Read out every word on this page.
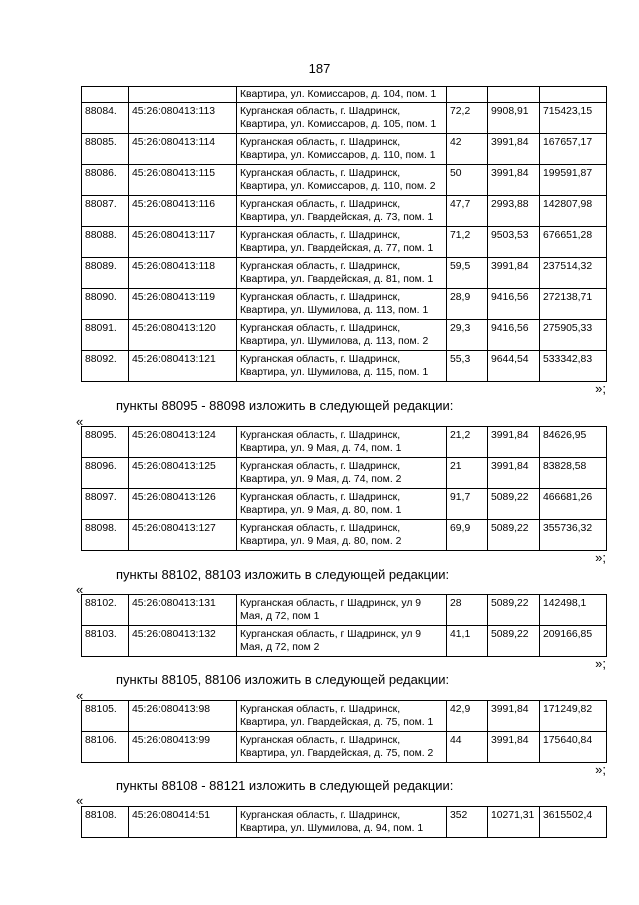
187
		Квартира, ул. Комиссаров, д. 104, пом. 1			
88084.	45:26:080413:113	Курганская область, г. Шадринск, Квартира, ул. Комиссаров, д. 105, пом. 1	72,2	9908,91	715423,15
88085.	45:26:080413:114	Курганская область, г. Шадринск, Квартира, ул. Комиссаров, д. 110, пом. 1	42	3991,84	167657,17
88086.	45:26:080413:115	Курганская область, г. Шадринск, Квартира, ул. Комиссаров, д. 110, пом. 2	50	3991,84	199591,87
88087.	45:26:080413:116	Курганская область, г. Шадринск, Квартира, ул. Гвардейская, д. 73, пом. 1	47,7	2993,88	142807,98
88088.	45:26:080413:117	Курганская область, г. Шадринск, Квартира, ул. Гвардейская, д. 77, пом. 1	71,2	9503,53	676651,28
88089.	45:26:080413:118	Курганская область, г. Шадринск, Квартира, ул. Гвардейская, д. 81, пом. 1	59,5	3991,84	237514,32
88090.	45:26:080413:119	Курганская область, г. Шадринск, Квартира, ул. Шумилова, д. 113, пом. 1	28,9	9416,56	272138,71
88091.	45:26:080413:120	Курганская область, г. Шадринск, Квартира, ул. Шумилова, д. 113, пом. 2	29,3	9416,56	275905,33
88092.	45:26:080413:121	Курганская область, г. Шадринск, Квартира, ул. Шумилова, д. 115, пом. 1	55,3	9644,54	533342,83
»;
пункты 88095 - 88098 изложить в следующей редакции:
«
88095.	45:26:080413:124	Курганская область, г. Шадринск, Квартира, ул. 9 Мая, д. 74, пом. 1	21,2	3991,84	84626,95
88096.	45:26:080413:125	Курганская область, г. Шадринск, Квартира, ул. 9 Мая, д. 74, пом. 2	21	3991,84	83828,58
88097.	45:26:080413:126	Курганская область, г. Шадринск, Квартира, ул. 9 Мая, д. 80, пом. 1	91,7	5089,22	466681,26
88098.	45:26:080413:127	Курганская область, г. Шадринск, Квартира, ул. 9 Мая, д. 80, пом. 2	69,9	5089,22	355736,32
»;
пункты 88102, 88103 изложить в следующей редакции:
«
88102.	45:26:080413:131	Курганская область, г Шадринск, ул 9 Мая, д 72, пом 1	28	5089,22	142498,1
88103.	45:26:080413:132	Курганская область, г Шадринск, ул 9 Мая, д 72, пом 2	41,1	5089,22	209166,85
»;
пункты 88105, 88106 изложить в следующей редакции:
«
88105.	45:26:080413:98	Курганская область, г. Шадринск, Квартира, ул. Гвардейская, д. 75, пом. 1	42,9	3991,84	171249,82
88106.	45:26:080413:99	Курганская область, г. Шадринск, Квартира, ул. Гвардейская, д. 75, пом. 2	44	3991,84	175640,84
»;
пункты 88108 - 88121 изложить в следующей редакции:
«
88108.	45:26:080414:51	Курганская область, г. Шадринск, Квартира, ул. Шумилова, д. 94, пом. 1	352	10271,31	3615502,4
